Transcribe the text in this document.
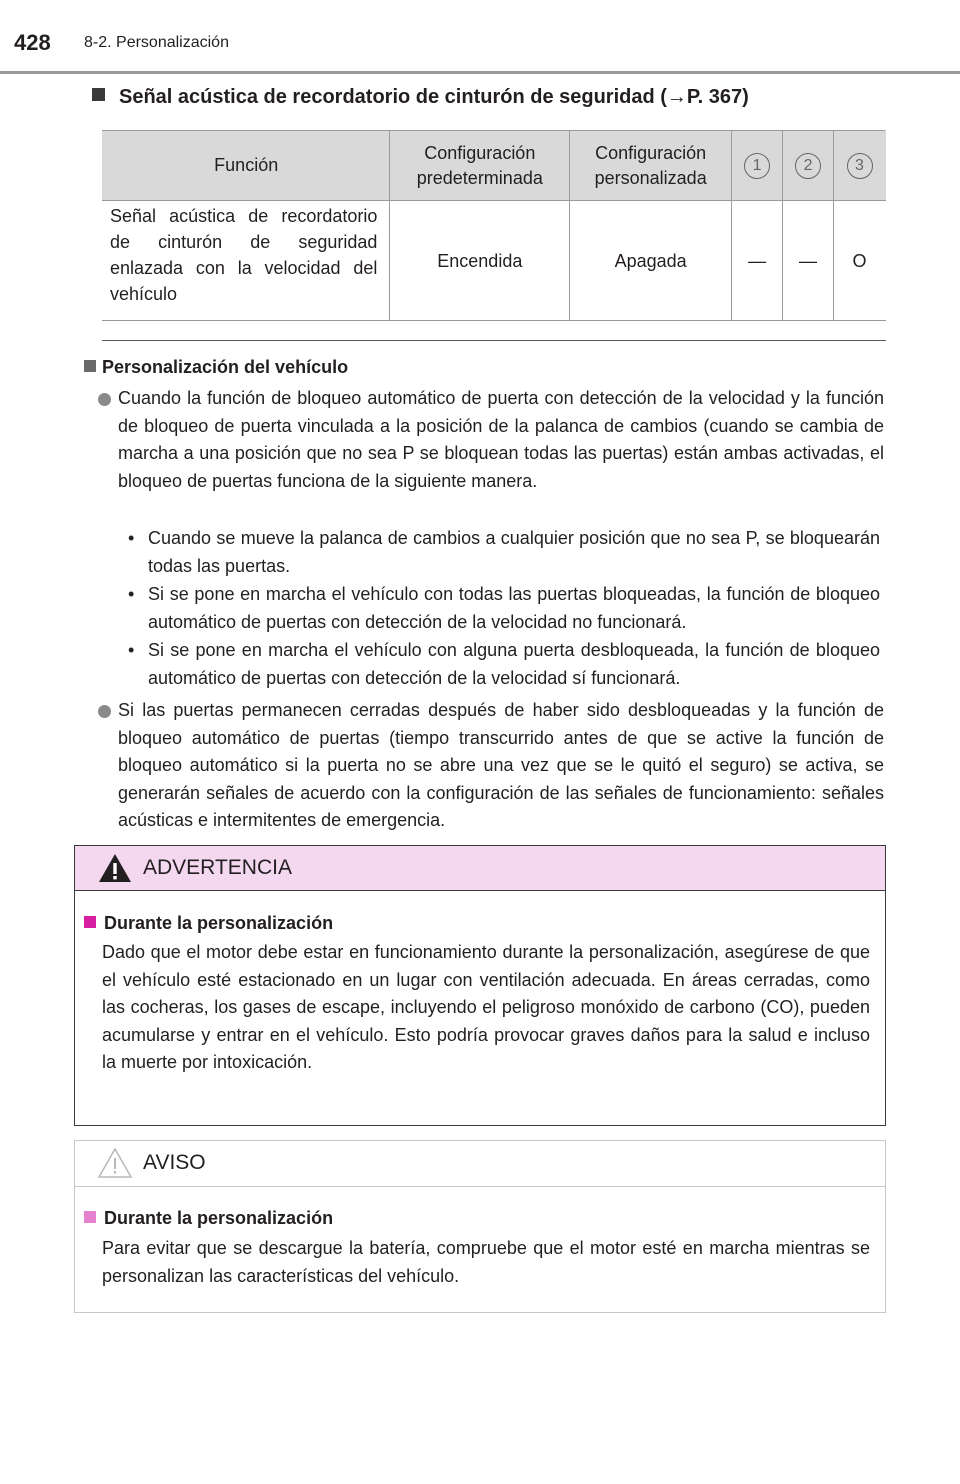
428 8-2. Personalización
Señal acústica de recordatorio de cinturón de seguridad (→P. 367)
Función	Configuración predeterminada	Configuración personalizada	1	2	3
Señal acústica de recordatorio de cinturón de seguridad enlazada con la velocidad del vehículo	Encendida	Apagada	—	—	O
Personalización del vehículo
Cuando la función de bloqueo automático de puerta con detección de la velocidad y la función de bloqueo de puerta vinculada a la posición de la palanca de cambios (cuando se cambia de marcha a una posición que no sea P se bloquean todas las puertas) están ambas activadas, el bloqueo de puertas funciona de la siguiente manera.
• Cuando se mueve la palanca de cambios a cualquier posición que no sea P, se bloquearán todas las puertas.
• Si se pone en marcha el vehículo con todas las puertas bloqueadas, la función de bloqueo automático de puertas con detección de la velocidad no funcionará.
• Si se pone en marcha el vehículo con alguna puerta desbloqueada, la función de bloqueo automático de puertas con detección de la velocidad sí funcionará.
Si las puertas permanecen cerradas después de haber sido desbloqueadas y la función de bloqueo automático de puertas (tiempo transcurrido antes de que se active la función de bloqueo automático si la puerta no se abre una vez que se le quitó el seguro) se activa, se generarán señales de acuerdo con la configuración de las señales de funcionamiento: señales acústicas e intermitentes de emergencia.
ADVERTENCIA
Durante la personalización
Dado que el motor debe estar en funcionamiento durante la personalización, asegúrese de que el vehículo esté estacionado en un lugar con ventilación adecuada. En áreas cerradas, como las cocheras, los gases de escape, incluyendo el peligroso monóxido de carbono (CO), pueden acumularse y entrar en el vehículo. Esto podría provocar graves daños para la salud e incluso la muerte por intoxicación.
AVISO
Durante la personalización
Para evitar que se descargue la batería, compruebe que el motor esté en marcha mientras se personalizan las características del vehículo.
